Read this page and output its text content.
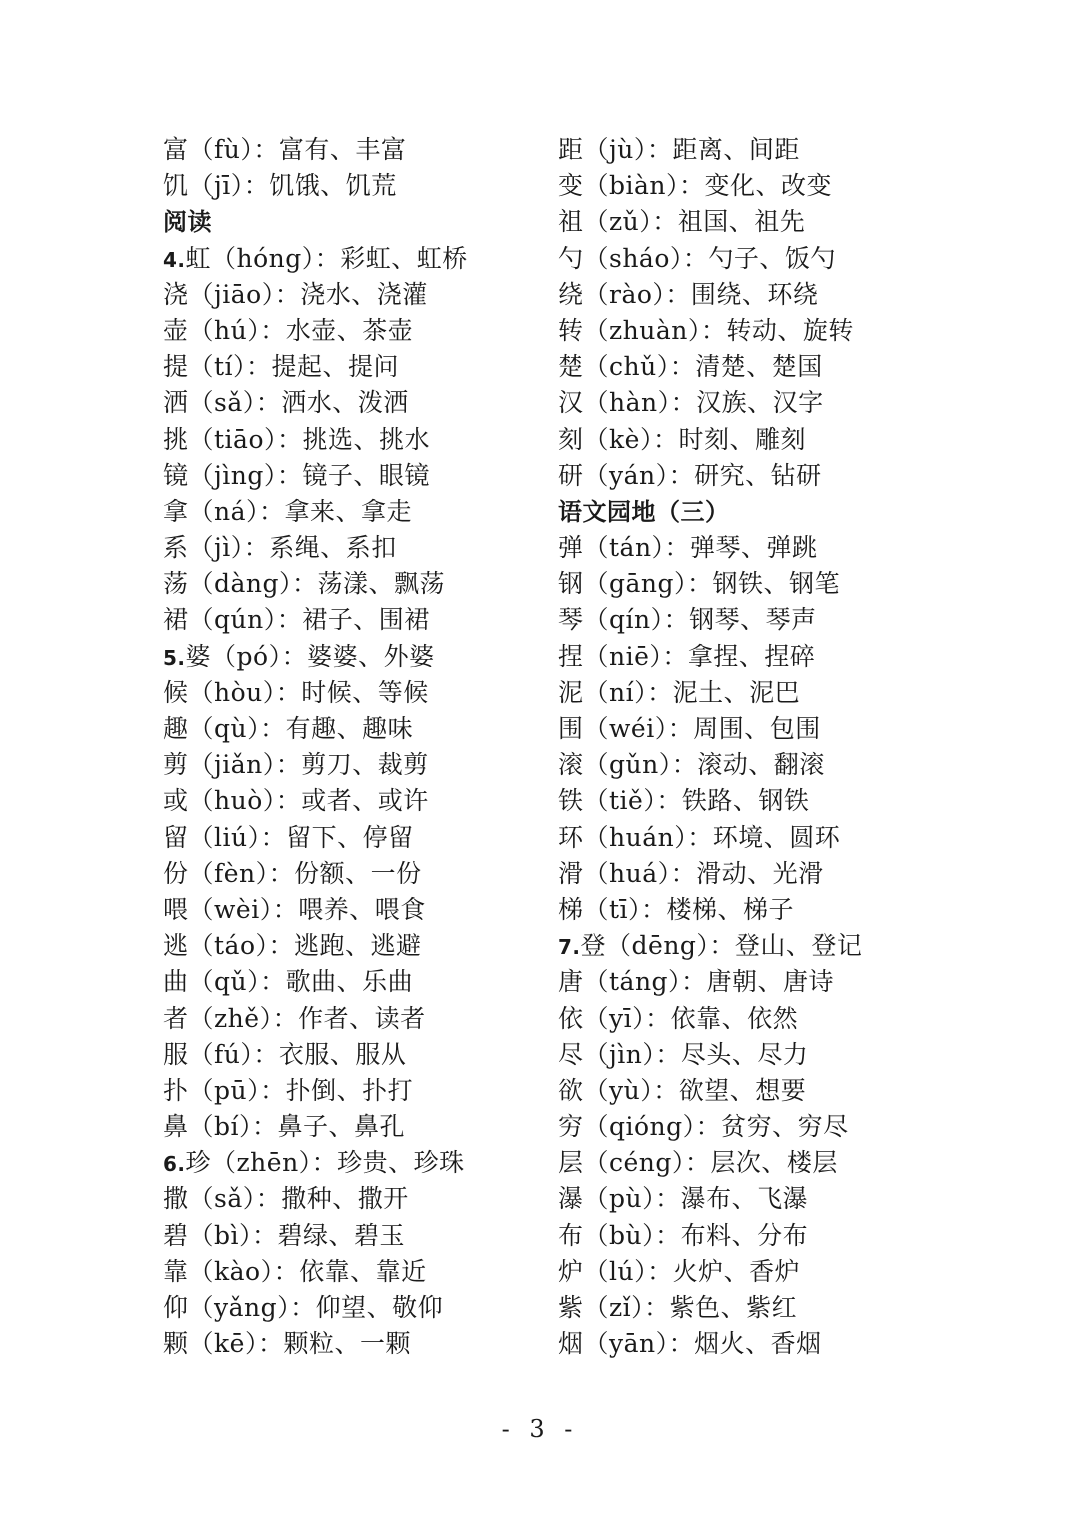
富（fù）：富有、丰富
饥（jī）：饥饿、饥荒
阅读
4.虹（hóng）：彩虹、虹桥
浇（jiāo）：浇水、浇灌
壶（hú）：水壶、茶壶
提（tí）：提起、提问
洒（sǎ）：洒水、泼洒
挑（tiāo）：挑选、挑水
镜（jìng）：镜子、眼镜
拿（ná）：拿来、拿走
系（jì）：系绳、系扣
荡（dàng）：荡漾、飘荡
裙（qún）：裙子、围裙
5.婆（pó）：婆婆、外婆
候（hòu）：时候、等候
趣（qù）：有趣、趣味
剪（jiǎn）：剪刀、裁剪
或（huò）：或者、或许
留（liú）：留下、停留
份（fèn）：份额、一份
喂（wèi）：喂养、喂食
逃（táo）：逃跑、逃避
曲（qǔ）：歌曲、乐曲
者（zhě）：作者、读者
服（fú）：衣服、服从
扑（pū）：扑倒、扑打
鼻（bí）：鼻子、鼻孔
6.珍（zhēn）：珍贵、珍珠
撒（sǎ）：撒种、撒开
碧（bì）：碧绿、碧玉
靠（kào）：依靠、靠近
仰（yǎng）：仰望、敬仰
颗（kē）：颗粒、一颗
距（jù）：距离、间距
变（biàn）：变化、改变
祖（zǔ）：祖国、祖先
勺（sháo）：勺子、饭勺
绕（rào）：围绕、环绕
转（zhuàn）：转动、旋转
楚（chǔ）：清楚、楚国
汉（hàn）：汉族、汉字
刻（kè）：时刻、雕刻
研（yán）：研究、钻研
语文园地（三）
弹（tán）：弹琴、弹跳
钢（gāng）：钢铁、钢笔
琴（qín）：钢琴、琴声
捏（niē）：拿捏、捏碎
泥（ní）：泥土、泥巴
围（wéi）：周围、包围
滚（gǔn）：滚动、翻滚
铁（tiě）：铁路、钢铁
环（huán）：环境、圆环
滑（huá）：滑动、光滑
梯（tī）：楼梯、梯子
7.登（dēng）：登山、登记
唐（táng）：唐朝、唐诗
依（yī）：依靠、依然
尽（jìn）：尽头、尽力
欲（yù）：欲望、想要
穷（qióng）：贫穷、穷尽
层（céng）：层次、楼层
瀑（pù）：瀑布、飞瀑
布（bù）：布料、分布
炉（lú）：火炉、香炉
紫（zǐ）：紫色、紫红
烟（yān）：烟火、香烟
- 3 -
